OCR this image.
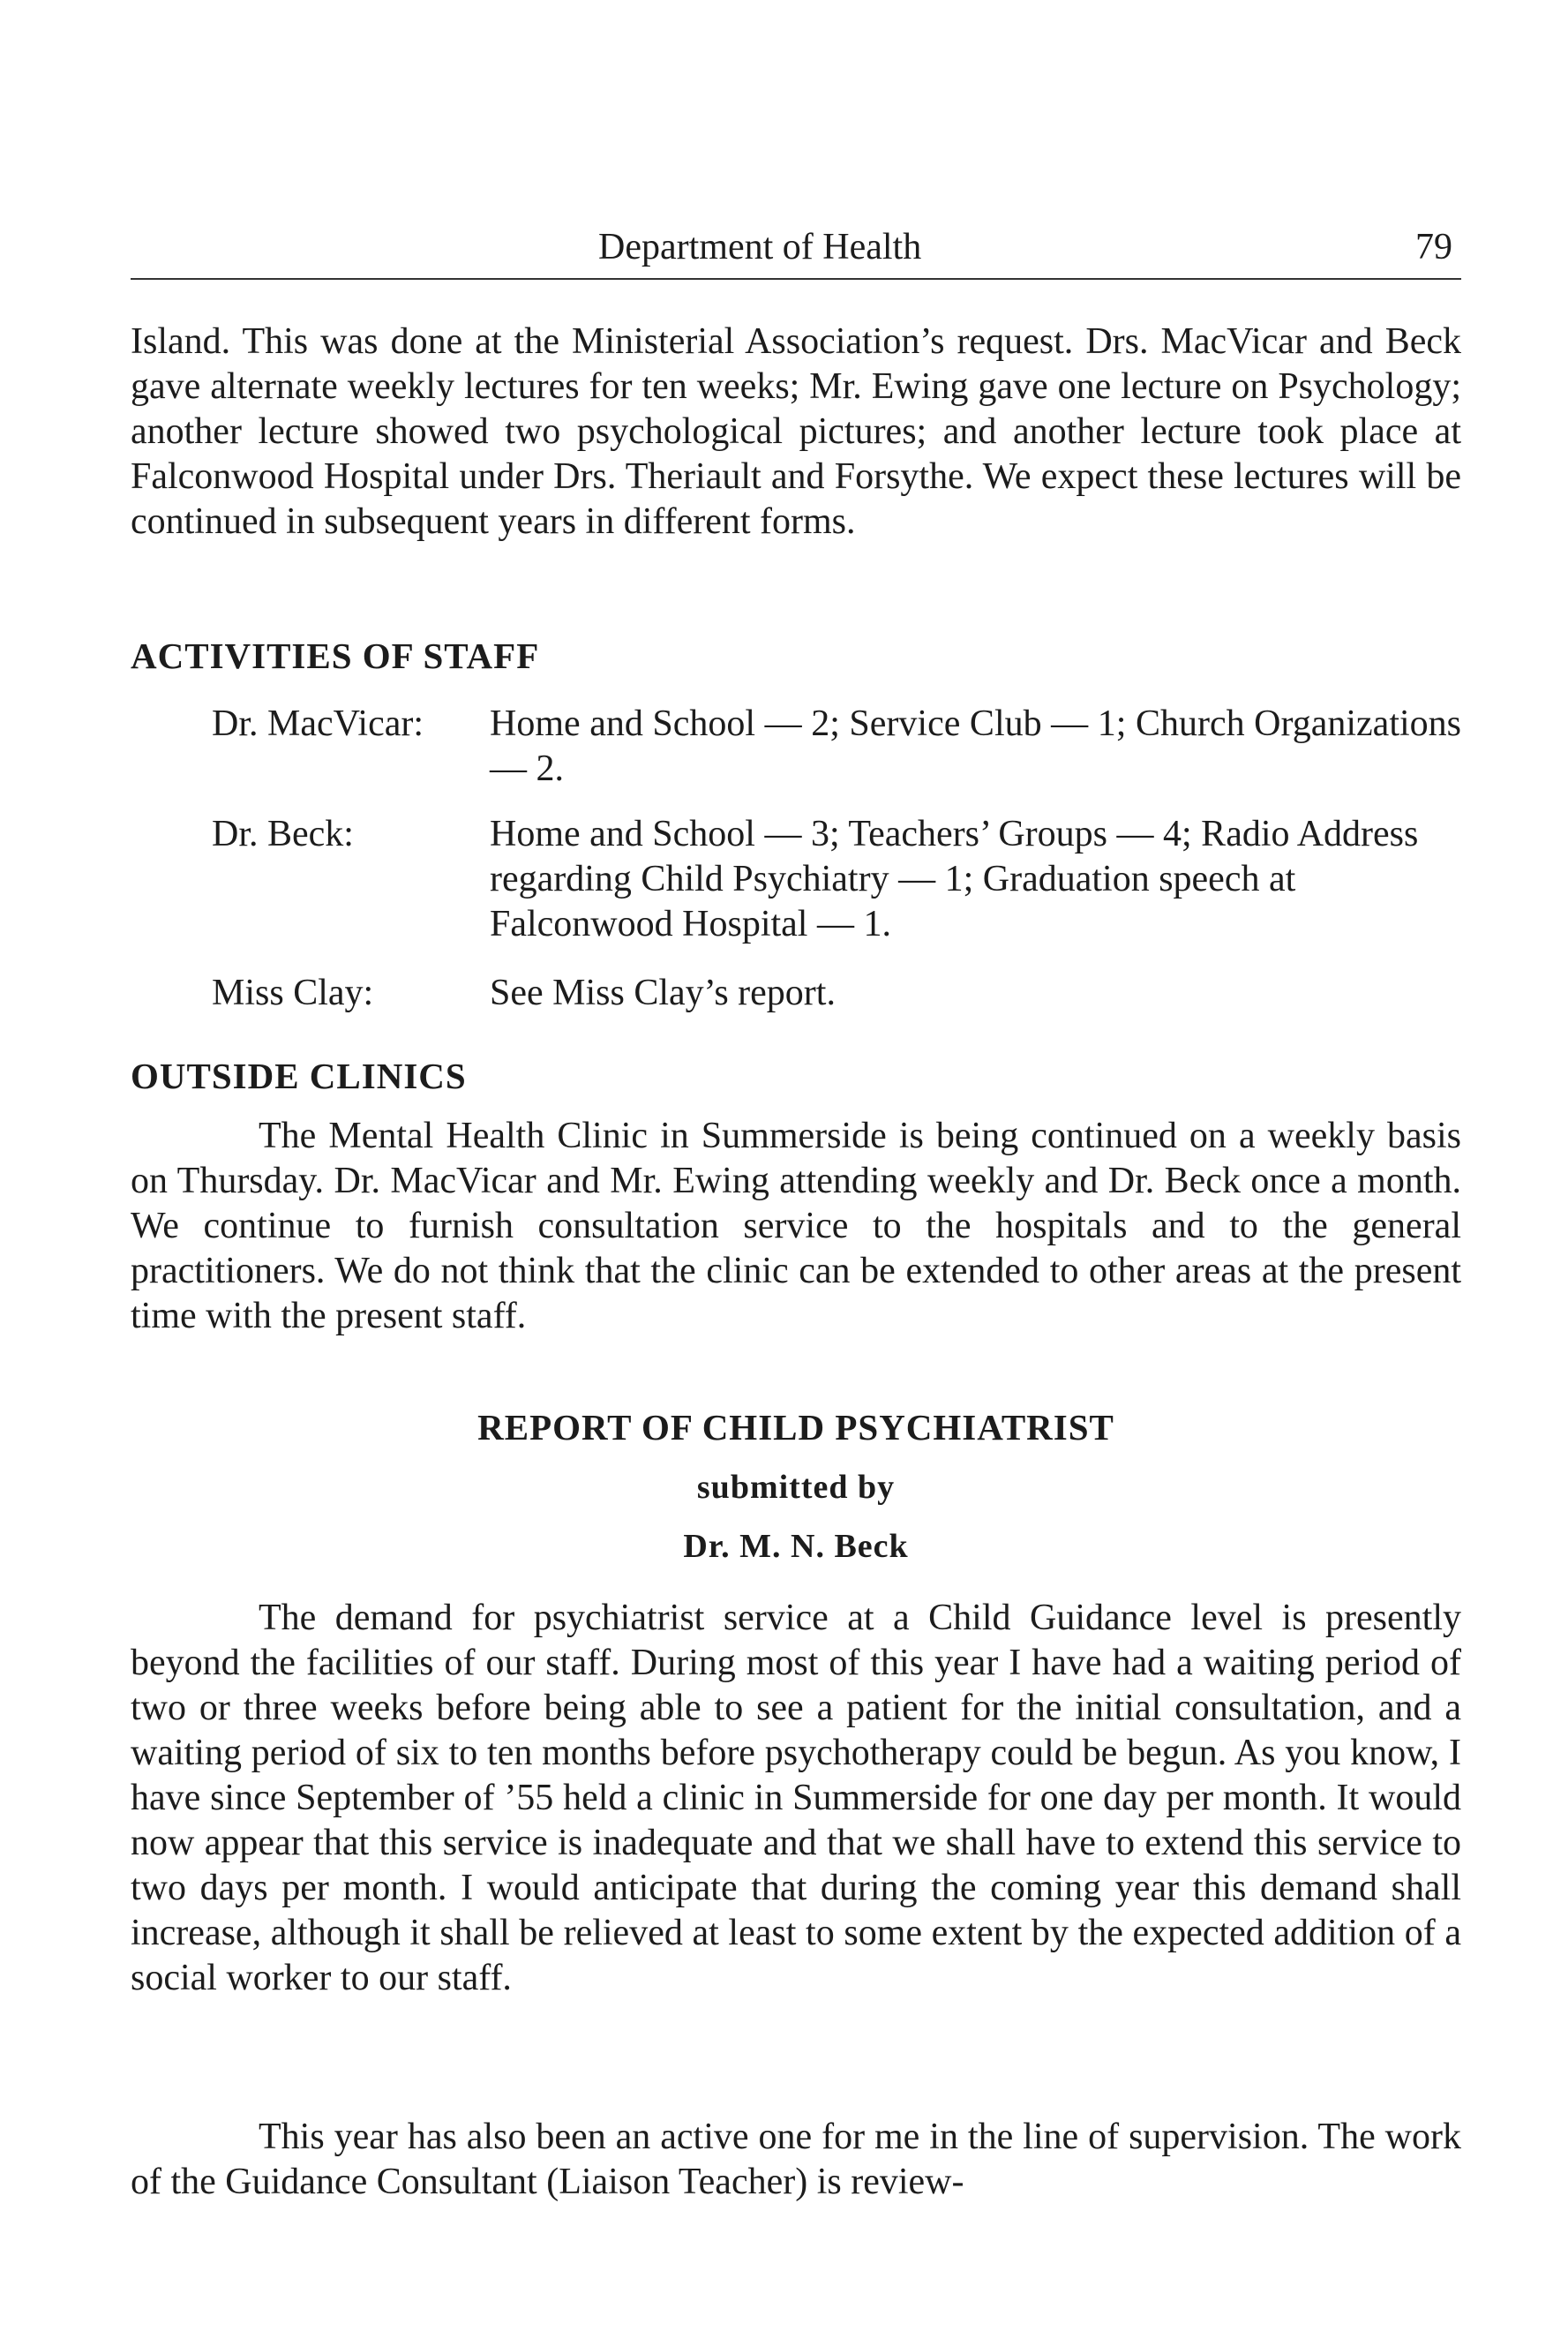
Department of Health	79

Island. This was done at the Ministerial Association’s request. Drs. MacVicar and Beck gave alternate weekly lectures for ten weeks; Mr. Ewing gave one lecture on Psychology; another lecture showed two psychological pictures; and another lecture took place at Falconwood Hospital under Drs. Theriault and Forsythe. We expect these lectures will be continued in subsequent years in different forms.

ACTIVITIES OF STAFF
Dr. MacVicar:	Home and School — 2; Service Club — 1; Church Organizations — 2.
Dr. Beck:	Home and School — 3; Teachers’ Groups — 4; Radio Address regarding Child Psychiatry — 1; Graduation speech at Falconwood Hospital — 1.
Miss Clay:	See Miss Clay’s report.
OUTSIDE CLINICS

The Mental Health Clinic in Summerside is being continued on a weekly basis on Thursday. Dr. MacVicar and Mr. Ewing attending weekly and Dr. Beck once a month. We continue to furnish consultation service to the hospitals and to the general practitioners. We do not think that the clinic can be extended to other areas at the present time with the present staff.

REPORT OF CHILD PSYCHIATRIST
submitted by
Dr. M. N. Beck

The demand for psychiatrist service at a Child Guidance level is presently beyond the facilities of our staff. During most of this year I have had a waiting period of two or three weeks before being able to see a patient for the initial consultation, and a waiting period of six to ten months before psychotherapy could be begun. As you know, I have since September of ’55 held a clinic in Summerside for one day per month. It would now appear that this service is inadequate and that we shall have to extend this service to two days per month. I would anticipate that during the coming year this demand shall increase, although it shall be relieved at least to some extent by the expected addition of a social worker to our staff.

This year has also been an active one for me in the line of supervision. The work of the Guidance Consultant (Liaison Teacher) is review-
